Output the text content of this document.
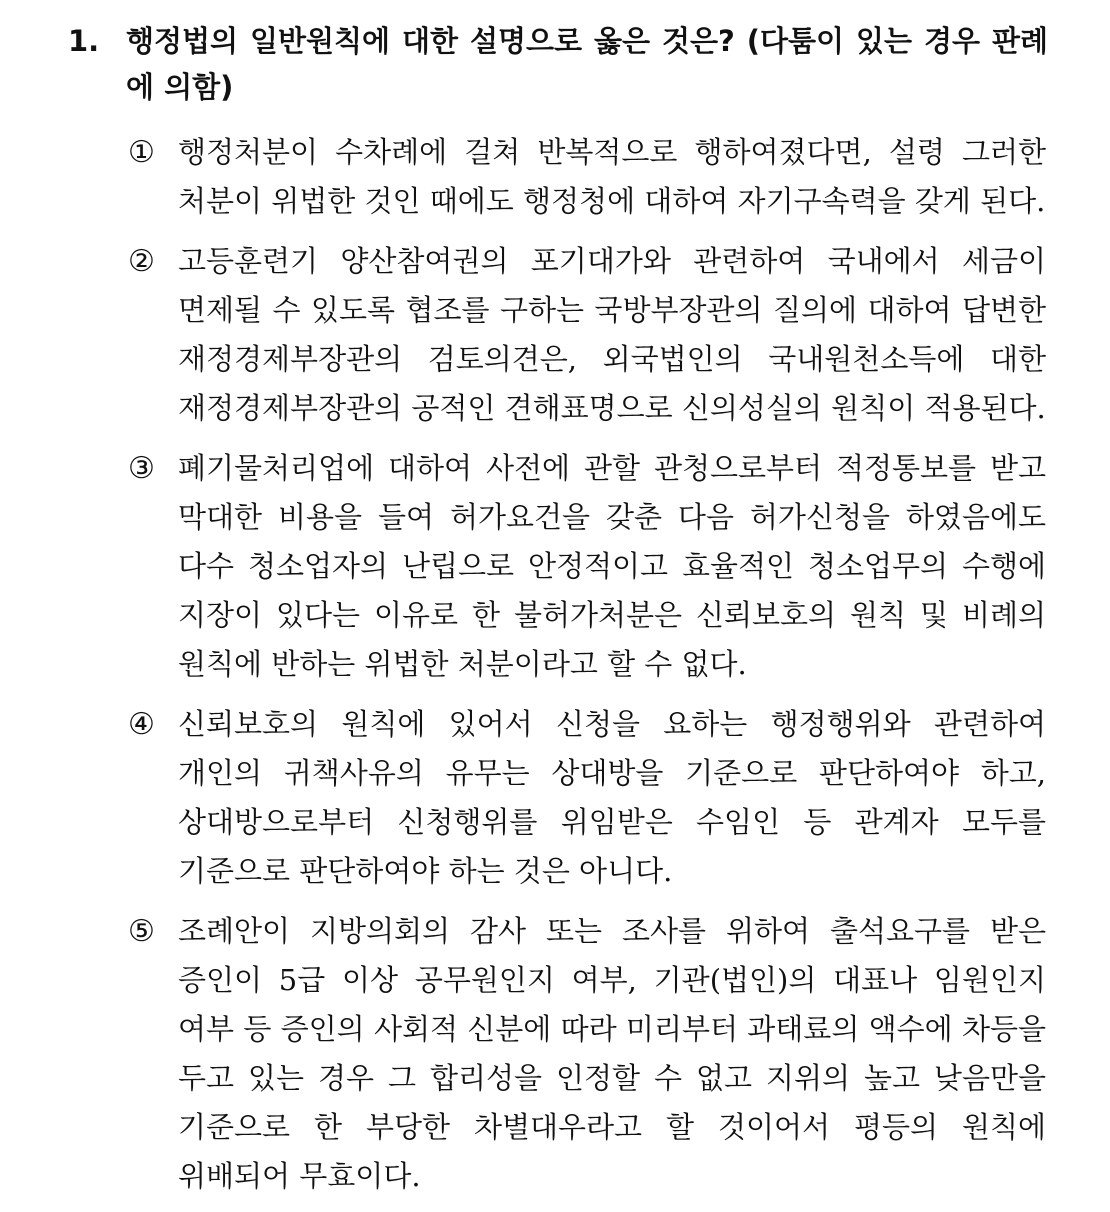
1. 행정법의 일반원칙에 대한 설명으로 옳은 것은? (다툼이 있는 경우 판례에 의함)
① 행정처분이 수차례에 걸쳐 반복적으로 행하여졌다면, 설령 그러한 처분이 위법한 것인 때에도 행정청에 대하여 자기구속력을 갖게 된다.
② 고등훈련기 양산참여권의 포기대가와 관련하여 국내에서 세금이 면제될 수 있도록 협조를 구하는 국방부장관의 질의에 대하여 답변한 재정경제부장관의 검토의견은, 외국법인의 국내원천소득에 대한 재정경제부장관의 공적인 견해표명으로 신의성실의 원칙이 적용된다.
③ 폐기물처리업에 대하여 사전에 관할 관청으로부터 적정통보를 받고 막대한 비용을 들여 허가요건을 갖춘 다음 허가신청을 하였음에도 다수 청소업자의 난립으로 안정적이고 효율적인 청소업무의 수행에 지장이 있다는 이유로 한 불허가처분은 신뢰보호의 원칙 및 비례의 원칙에 반하는 위법한 처분이라고 할 수 없다.
④ 신뢰보호의 원칙에 있어서 신청을 요하는 행정행위와 관련하여 개인의 귀책사유의 유무는 상대방을 기준으로 판단하여야 하고, 상대방으로부터 신청행위를 위임받은 수임인 등 관계자 모두를 기준으로 판단하여야 하는 것은 아니다.
⑤ 조례안이 지방의회의 감사 또는 조사를 위하여 출석요구를 받은 증인이 5급 이상 공무원인지 여부, 기관(법인)의 대표나 임원인지 여부 등 증인의 사회적 신분에 따라 미리부터 과태료의 액수에 차등을 두고 있는 경우 그 합리성을 인정할 수 없고 지위의 높고 낮음만을 기준으로 한 부당한 차별대우라고 할 것이어서 평등의 원칙에 위배되어 무효이다.
